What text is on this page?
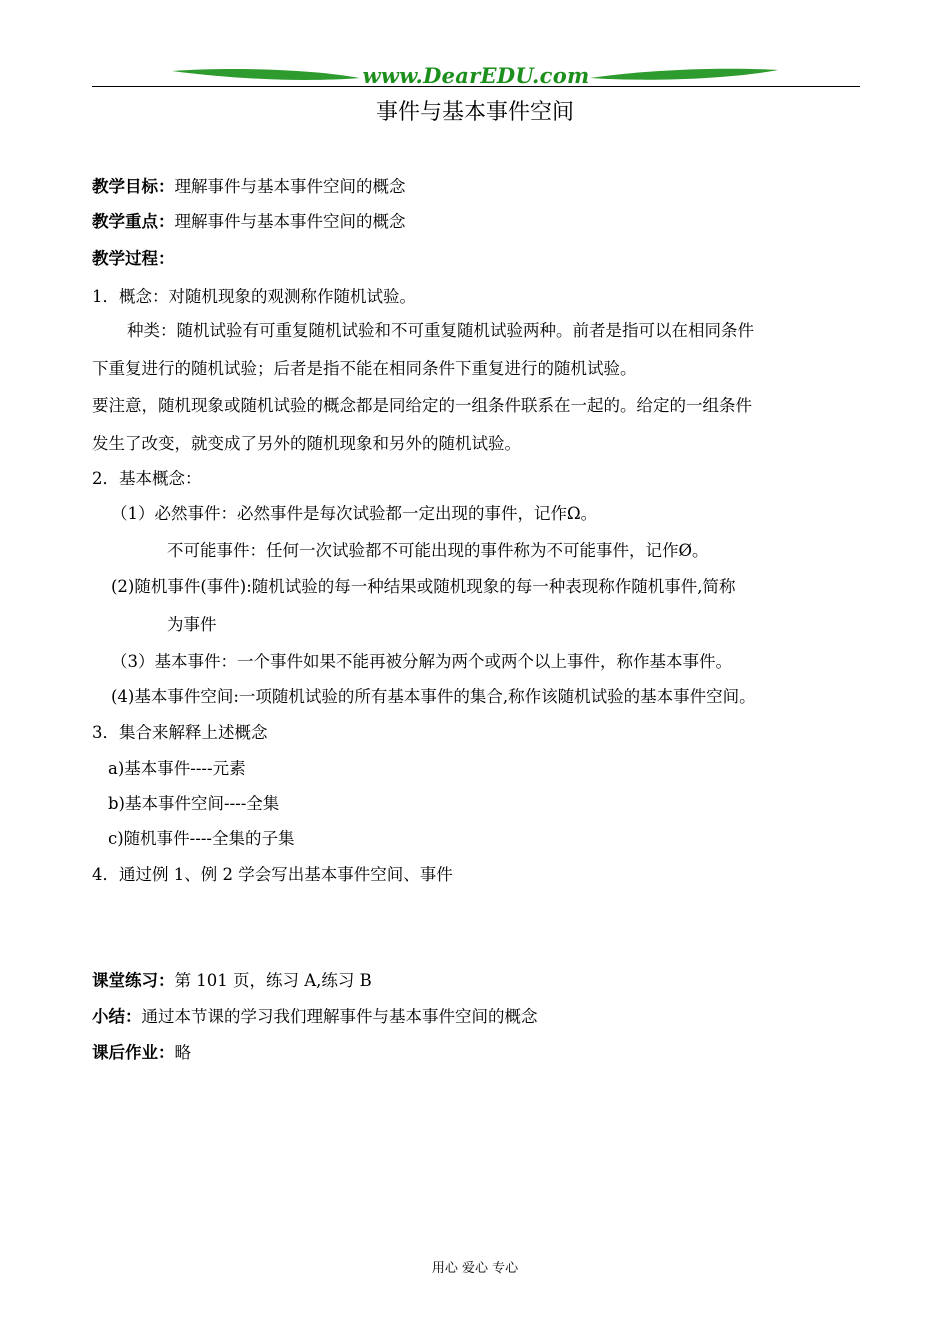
www.DearEDU.com
事件与基本事件空间
教学目标：理解事件与基本事件空间的概念
教学重点：理解事件与基本事件空间的概念
教学过程：
1．概念：对随机现象的观测称作随机试验。
种类：随机试验有可重复随机试验和不可重复随机试验两种。前者是指可以在相同条件
下重复进行的随机试验；后者是指不能在相同条件下重复进行的随机试验。
要注意，随机现象或随机试验的概念都是同给定的一组条件联系在一起的。给定的一组条件
发生了改变，就变成了另外的随机现象和另外的随机试验。
2．基本概念：
（1）必然事件：必然事件是每次试验都一定出现的事件，记作Ω。
不可能事件：任何一次试验都不可能出现的事件称为不可能事件，记作Ø。
(2)随机事件(事件):随机试验的每一种结果或随机现象的每一种表现称作随机事件,简称
为事件
（3）基本事件：一个事件如果不能再被分解为两个或两个以上事件，称作基本事件。
(4)基本事件空间:一项随机试验的所有基本事件的集合,称作该随机试验的基本事件空间。
3．集合来解释上述概念
a)基本事件----元素
b)基本事件空间----全集
c)随机事件----全集的子集
4．通过例 1、例 2 学会写出基本事件空间、事件
课堂练习：第 101 页，练习 A,练习 B
小结：通过本节课的学习我们理解事件与基本事件空间的概念
课后作业：略
用心 爱心 专心
